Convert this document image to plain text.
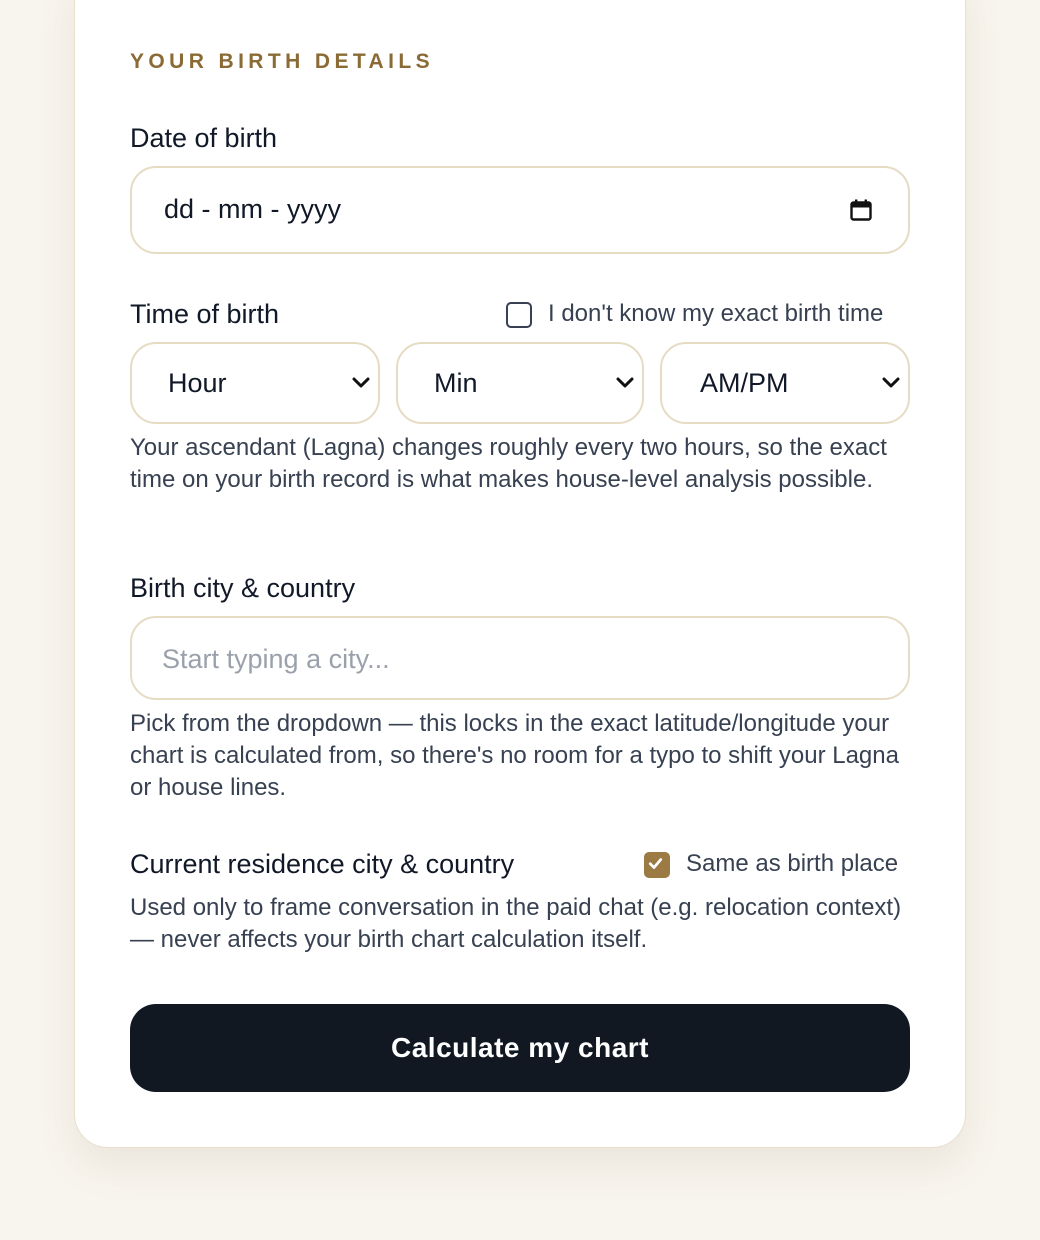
YOUR BIRTH DETAILS

Date of birth

dd - mm - yyyy

Time of birth	I don't know my exact birth time
Hour	Min	AM/PM

Your ascendant (Lagna) changes roughly every two hours, so the exact time on your birth record is what makes house-level analysis possible.

Birth city & country

Start typing a city...

Pick from the dropdown — this locks in the exact latitude/longitude your chart is calculated from, so there's no room for a typo to shift your Lagna or house lines.

Current residence city & country	Same as birth place

Used only to frame conversation in the paid chat (e.g. relocation context) — never affects your birth chart calculation itself.

Calculate my chart
